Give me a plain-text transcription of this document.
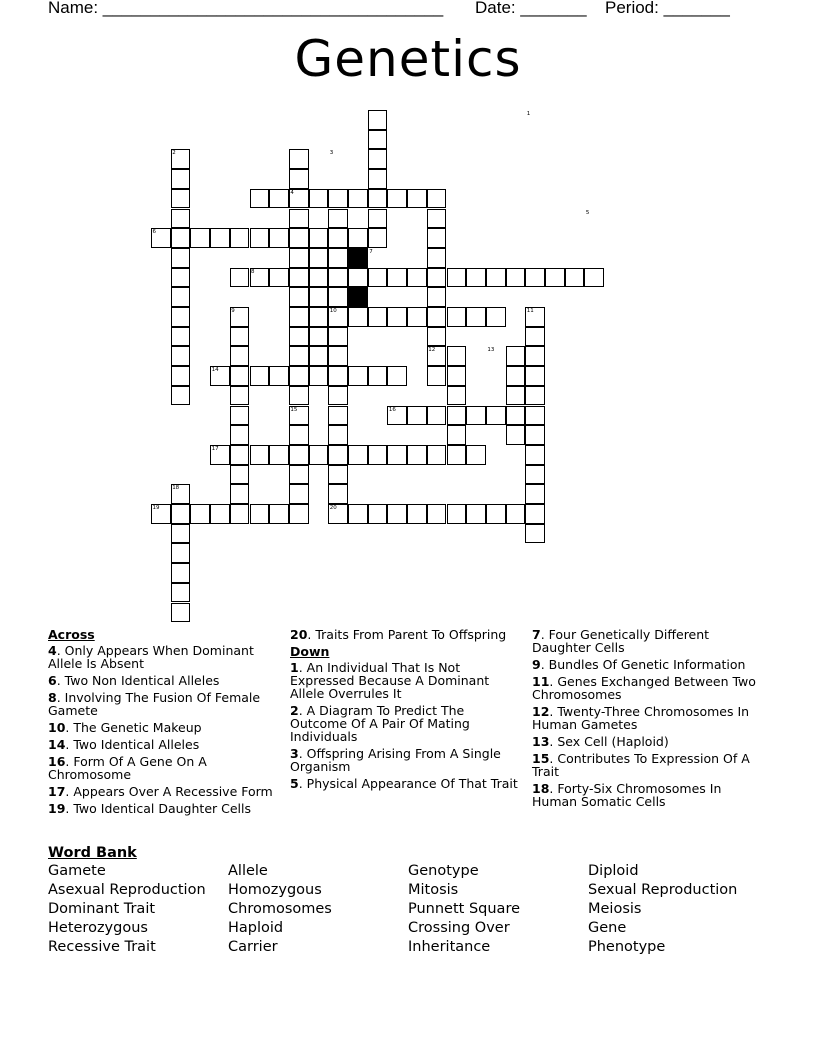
Name: ____________________________________ Date: _______ Period: _______
Genetics
1
2	3
4
5
6
7
8
9	10	11
12	13
14
15	16
17
18
19	20
Across
4. Only Appears When Dominant Allele Is Absent
6. Two Non Identical Alleles
8. Involving The Fusion Of Female Gamete
10. The Genetic Makeup
14. Two Identical Alleles
16. Form Of A Gene On A Chromosome
17. Appears Over A Recessive Form
19. Two Identical Daughter Cells
20. Traits From Parent To Offspring
Down
1. An Individual That Is Not Expressed Because A Dominant Allele Overrules It
2. A Diagram To Predict The Outcome Of A Pair Of Mating Individuals
3. Offspring Arising From A Single Organism
5. Physical Appearance Of That Trait
7. Four Genetically Different Daughter Cells
9. Bundles Of Genetic Information
11. Genes Exchanged Between Two Chromosomes
12. Twenty-Three Chromosomes In Human Gametes
13. Sex Cell (Haploid)
15. Contributes To Expression Of A Trait
18. Forty-Six Chromosomes In Human Somatic Cells
Word Bank
Gamete
Asexual Reproduction
Dominant Trait
Heterozygous
Recessive Trait
Allele
Homozygous
Chromosomes
Haploid
Carrier
Genotype
Mitosis
Punnett Square
Crossing Over
Inheritance
Diploid
Sexual Reproduction
Meiosis
Gene
Phenotype
